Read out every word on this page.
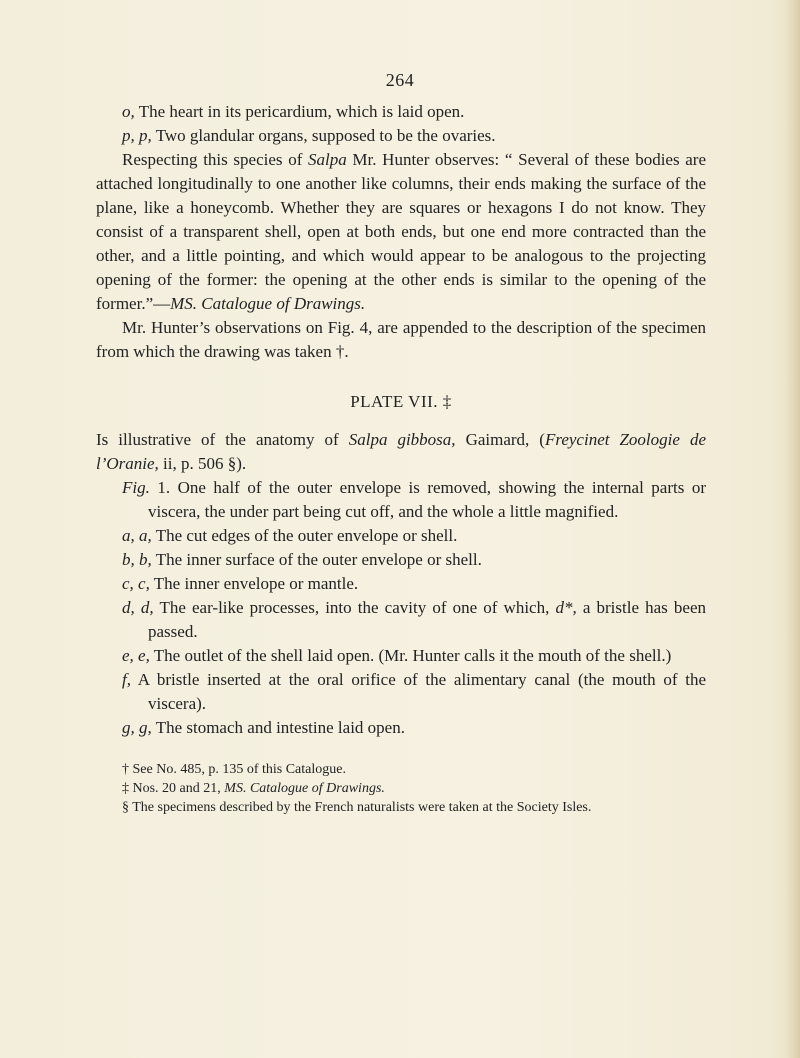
264

o, The heart in its pericardium, which is laid open.

p, p, Two glandular organs, supposed to be the ovaries.

Respecting this species of Salpa Mr. Hunter observes: “ Several of these bodies are attached longitudinally to one another like columns, their ends making the surface of the plane, like a honeycomb. Whether they are squares or hexagons I do not know. They consist of a transparent shell, open at both ends, but one end more contracted than the other, and a little pointing, and which would appear to be analogous to the projecting opening of the former: the opening at the other ends is similar to the opening of the former.”—MS. Catalogue of Drawings.

Mr. Hunter’s observations on Fig. 4, are appended to the description of the specimen from which the drawing was taken †.

PLATE VII. ‡

Is illustrative of the anatomy of Salpa gibbosa, Gaimard, (Freycinet Zoologie de l’Oranie, ii, p. 506 §).

Fig. 1. One half of the outer envelope is removed, showing the internal parts or viscera, the under part being cut off, and the whole a little magnified.

a, a, The cut edges of the outer envelope or shell.

b, b, The inner surface of the outer envelope or shell.

c, c, The inner envelope or mantle.

d, d, The ear-like processes, into the cavity of one of which, d*, a bristle has been passed.

e, e, The outlet of the shell laid open. (Mr. Hunter calls it the mouth of the shell.)

f, A bristle inserted at the oral orifice of the alimentary canal (the mouth of the viscera).

g, g, The stomach and intestine laid open.

† See No. 485, p. 135 of this Catalogue.

‡ Nos. 20 and 21, MS. Catalogue of Drawings.

§ The specimens described by the French naturalists were taken at the Society Isles.
